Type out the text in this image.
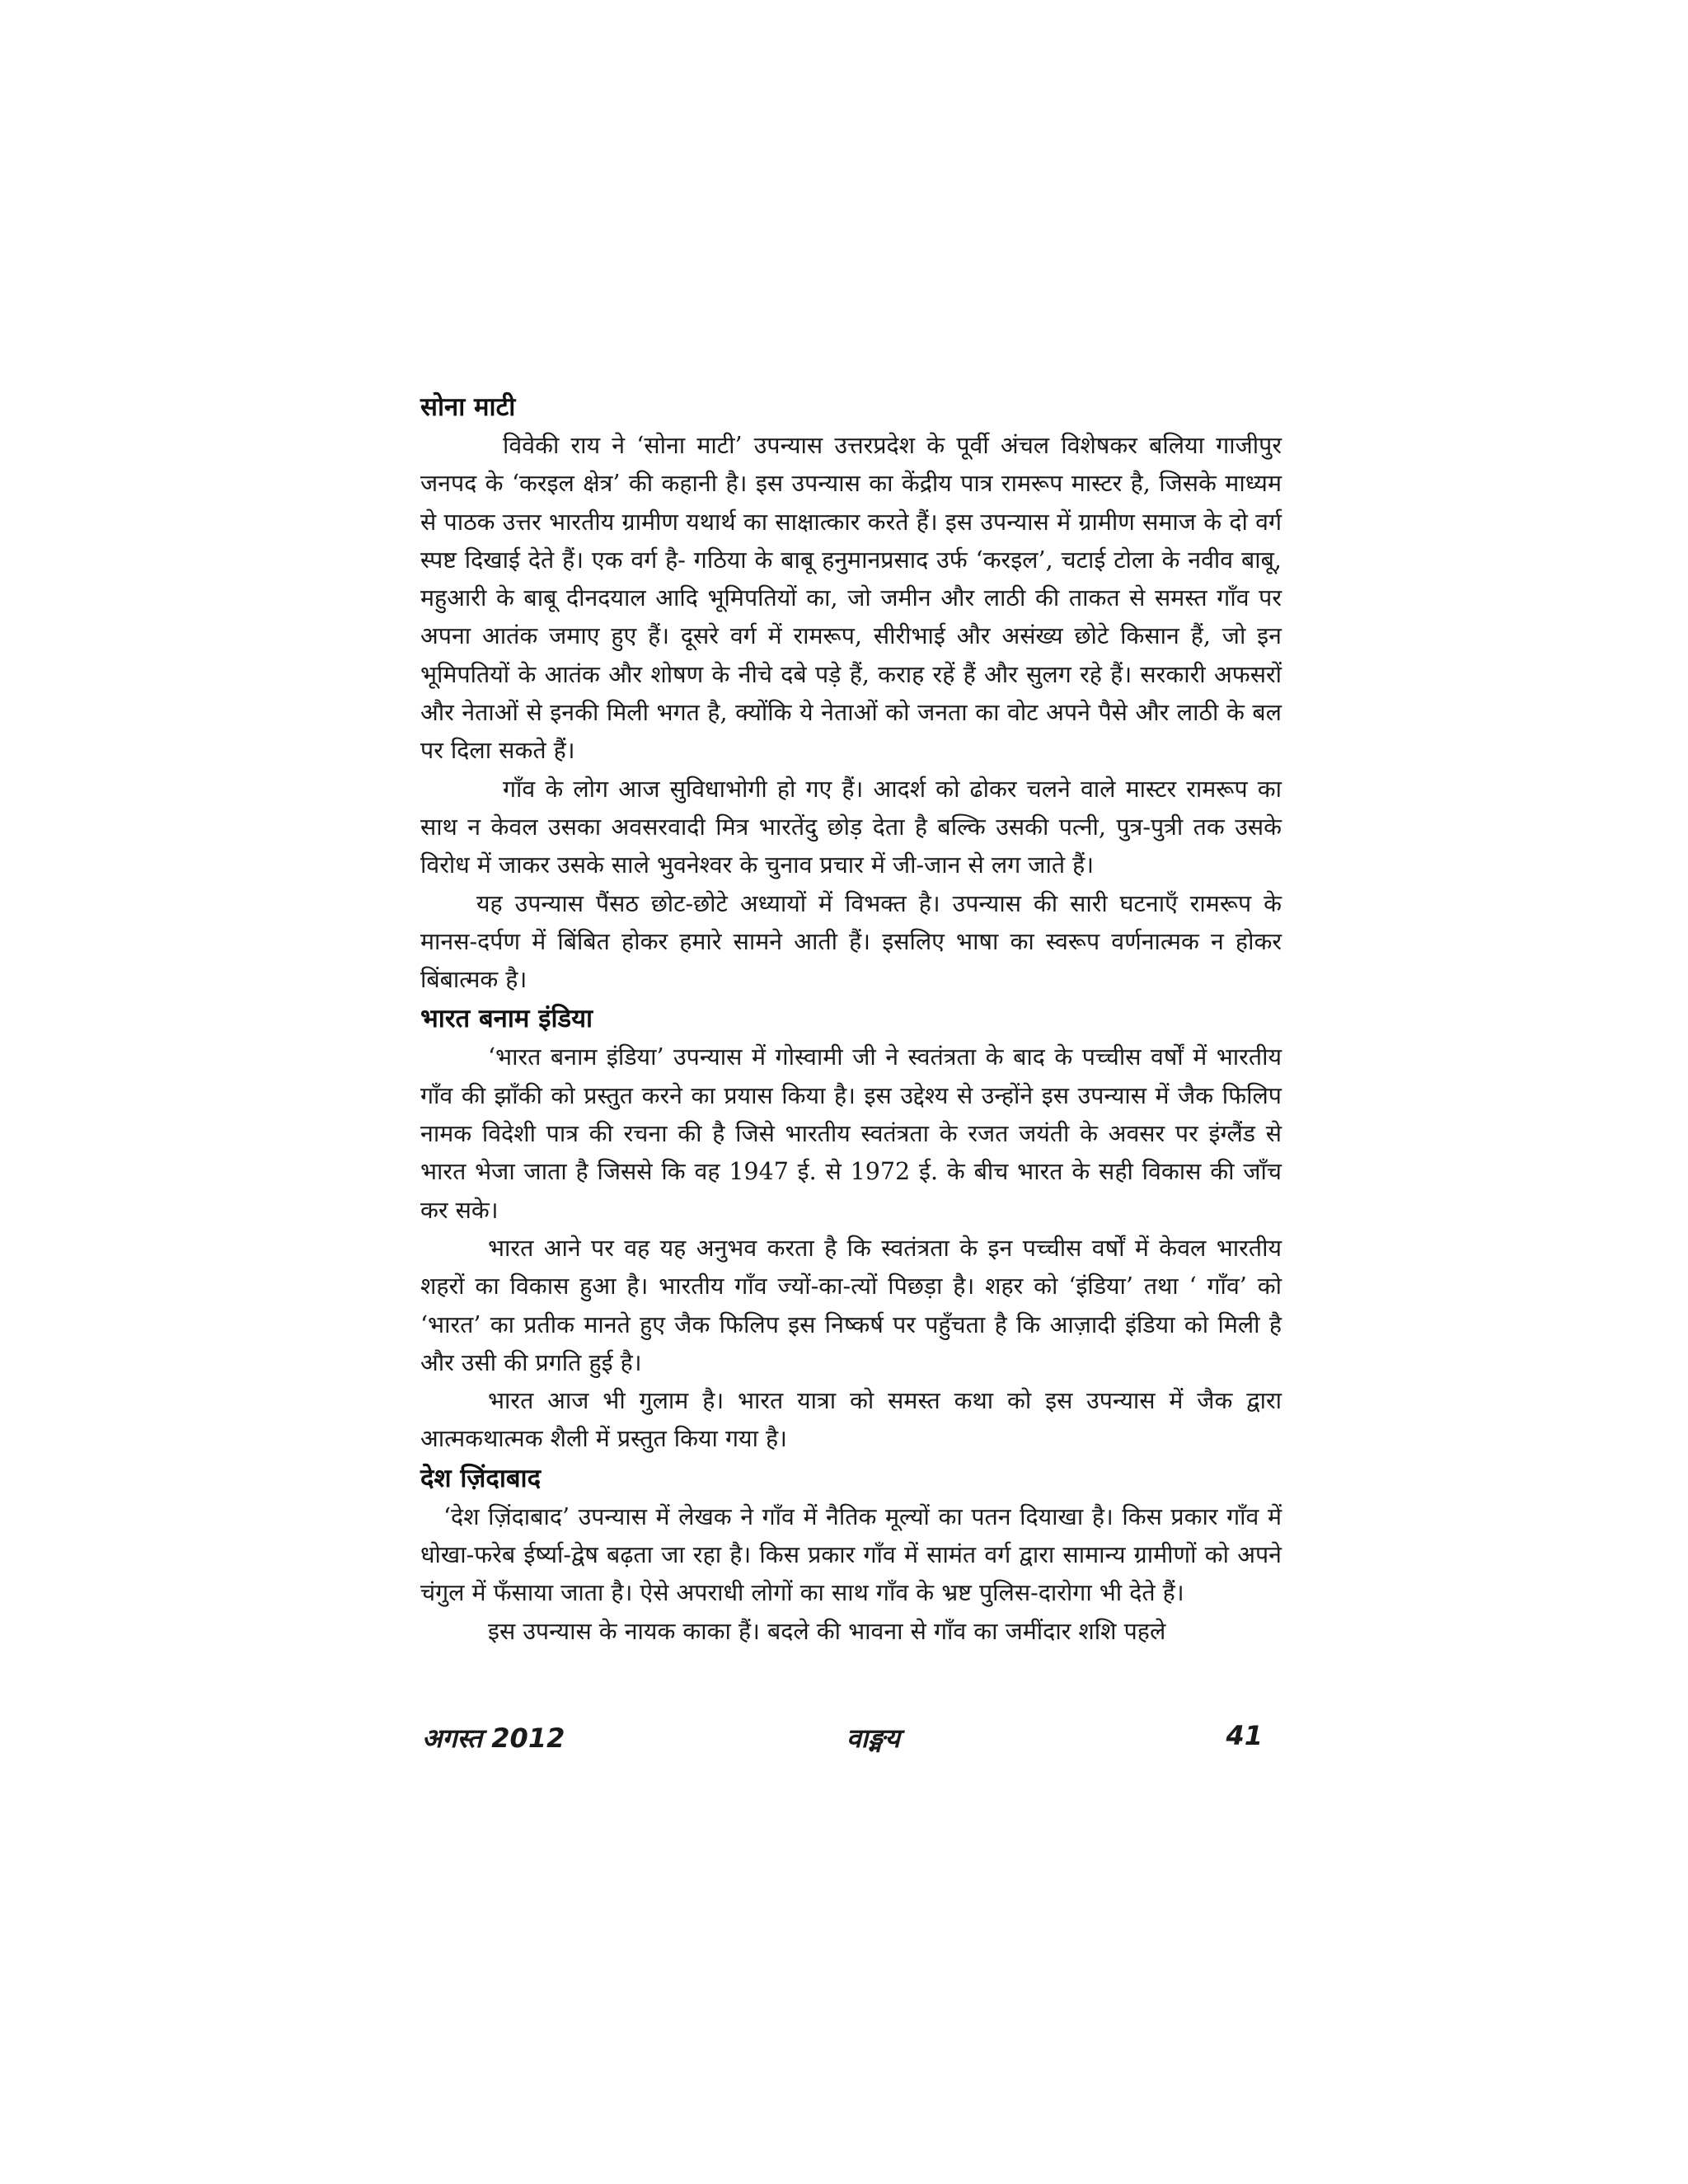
सोना माटी

विवेकी राय ने ‘सोना माटी’ उपन्यास उत्तरप्रदेश के पूर्वी अंचल विशेषकर बलिया गाजीपुर जनपद के ‘करइल क्षेत्र’ की कहानी है। इस उपन्यास का केंद्रीय पात्र रामरूप मास्टर है, जिसके माध्यम से पाठक उत्तर भारतीय ग्रामीण यथार्थ का साक्षात्कार करते हैं। इस उपन्यास में ग्रामीण समाज के दो वर्ग स्पष्ट दिखाई देते हैं। एक वर्ग है- गठिया के बाबू हनुमानप्रसाद उर्फ ‘करइल’, चटाई टोला के नवीव बाबू, महुआरी के बाबू दीनदयाल आदि भूमिपतियों का, जो जमीन और लाठी की ताकत से समस्त गाँव पर अपना आतंक जमाए हुए हैं। दूसरे वर्ग में रामरूप, सीरीभाई और असंख्य छोटे किसान हैं, जो इन भूमिपतियों के आतंक और शोषण के नीचे दबे पड़े हैं, कराह रहें हैं और सुलग रहे हैं। सरकारी अफसरों और नेताओं से इनकी मिली भगत है, क्योंकि ये नेताओं को जनता का वोट अपने पैसे और लाठी के बल पर दिला सकते हैं।

गाँव के लोग आज सुविधाभोगी हो गए हैं। आदर्श को ढोकर चलने वाले मास्टर रामरूप का साथ न केवल उसका अवसरवादी मित्र भारतेंदु छोड़ देता है बल्कि उसकी पत्नी, पुत्र-पुत्री तक उसके विरोध में जाकर उसके साले भुवनेश्वर के चुनाव प्रचार में जी-जान से लग जाते हैं।

यह उपन्यास पैंसठ छोट-छोटे अध्यायों में विभक्त है। उपन्यास की सारी घटनाएँ रामरूप के मानस-दर्पण में बिंबित होकर हमारे सामने आती हैं। इसलिए भाषा का स्वरूप वर्णनात्मक न होकर बिंबात्मक है।

भारत बनाम इंडिया

‘भारत बनाम इंडिया’ उपन्यास में गोस्वामी जी ने स्वतंत्रता के बाद के पच्चीस वर्षों में भारतीय गाँव की झाँकी को प्रस्तुत करने का प्रयास किया है। इस उद्देश्य से उन्होंने इस उपन्यास में जैक फिलिप नामक विदेशी पात्र की रचना की है जिसे भारतीय स्वतंत्रता के रजत जयंती के अवसर पर इंग्लैंड से भारत भेजा जाता है जिससे कि वह 1947 ई. से 1972 ई. के बीच भारत के सही विकास की जाँच कर सके।

भारत आने पर वह यह अनुभव करता है कि स्वतंत्रता के इन पच्चीस वर्षों में केवल भारतीय शहरों का विकास हुआ है। भारतीय गाँव ज्यों-का-त्यों पिछड़ा है। शहर को ‘इंडिया’ तथा ‘ गाँव’ को ‘भारत’ का प्रतीक मानते हुए जैक फिलिप इस निष्कर्ष पर पहुँचता है कि आज़ादी इंडिया को मिली है और उसी की प्रगति हुई है।

भारत आज भी गुलाम है। भारत यात्रा को समस्त कथा को इस उपन्यास में जैक द्वारा आत्मकथात्मक शैली में प्रस्तुत किया गया है।

देश ज़िंदाबाद

‘देश ज़िंदाबाद’ उपन्यास में लेखक ने गाँव में नैतिक मूल्यों का पतन दियाखा है। किस प्रकार गाँव में धोखा-फरेब ईर्ष्या-द्वेष बढ़ता जा रहा है। किस प्रकार गाँव में सामंत वर्ग द्वारा सामान्य ग्रामीणों को अपने चंगुल में फँसाया जाता है। ऐसे अपराधी लोगों का साथ गाँव के भ्रष्ट पुलिस-दारोगा भी देते हैं।

इस उपन्यास के नायक काका हैं। बदले की भावना से गाँव का जमींदार शशि पहले

अगस्त 2012	वाङ्मय	41
